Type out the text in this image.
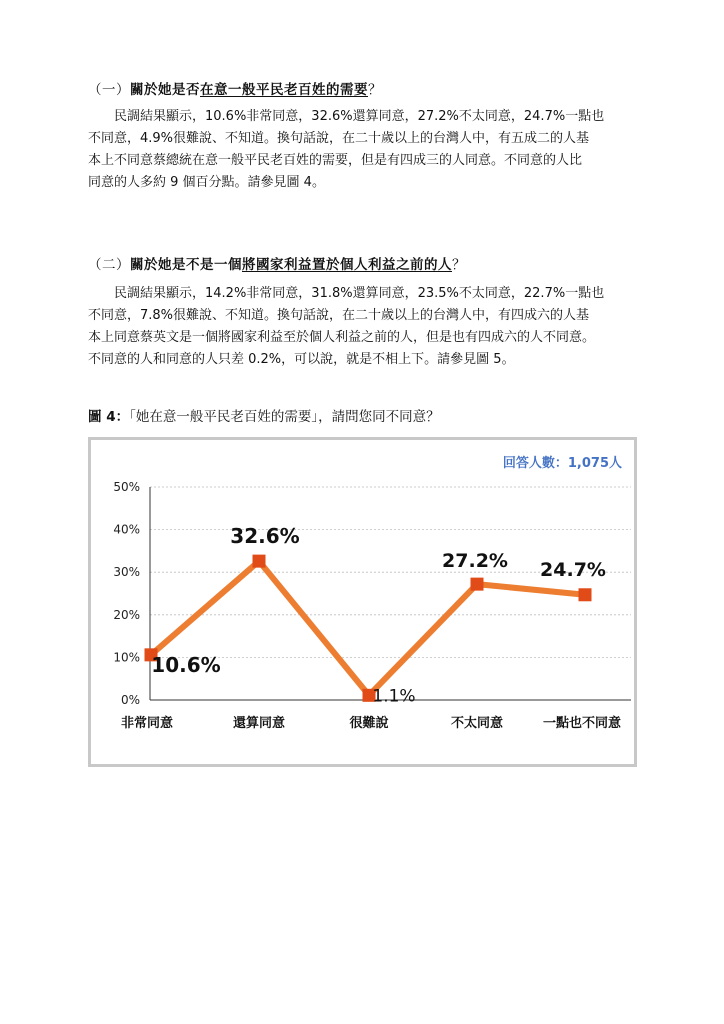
（一）關於她是否在意一般平民老百姓的需要？

民調結果顯示，10.6%非常同意，32.6%還算同意，27.2%不太同意，24.7%一點也
不同意，4.9%很難說、不知道。換句話說，在二十歲以上的台灣人中，有五成二的人基
本上不同意蔡總統在意一般平民老百姓的需要，但是有四成三的人同意。不同意的人比
同意的人多約 9 個百分點。請參見圖 4。

（二）關於她是不是一個將國家利益置於個人利益之前的人？

民調結果顯示，14.2%非常同意，31.8%還算同意，23.5%不太同意，22.7%一點也
不同意，7.8%很難說、不知道。換句話說，在二十歲以上的台灣人中，有四成六的人基
本上同意蔡英文是一個將國家利益至於個人利益之前的人，但是也有四成六的人不同意。
不同意的人和同意的人只差 0.2%，可以說，就是不相上下。請參見圖 5。

圖 4：「她在意一般平民老百姓的需要」，請問您同不同意？
0%
10%
20%
30%
40%
50%
非常同意	還算同意	很難說	不太同意	一點也不同意
10.6%
32.6%
1.1%
27.2% 24.7%
回答人數：1,075人
